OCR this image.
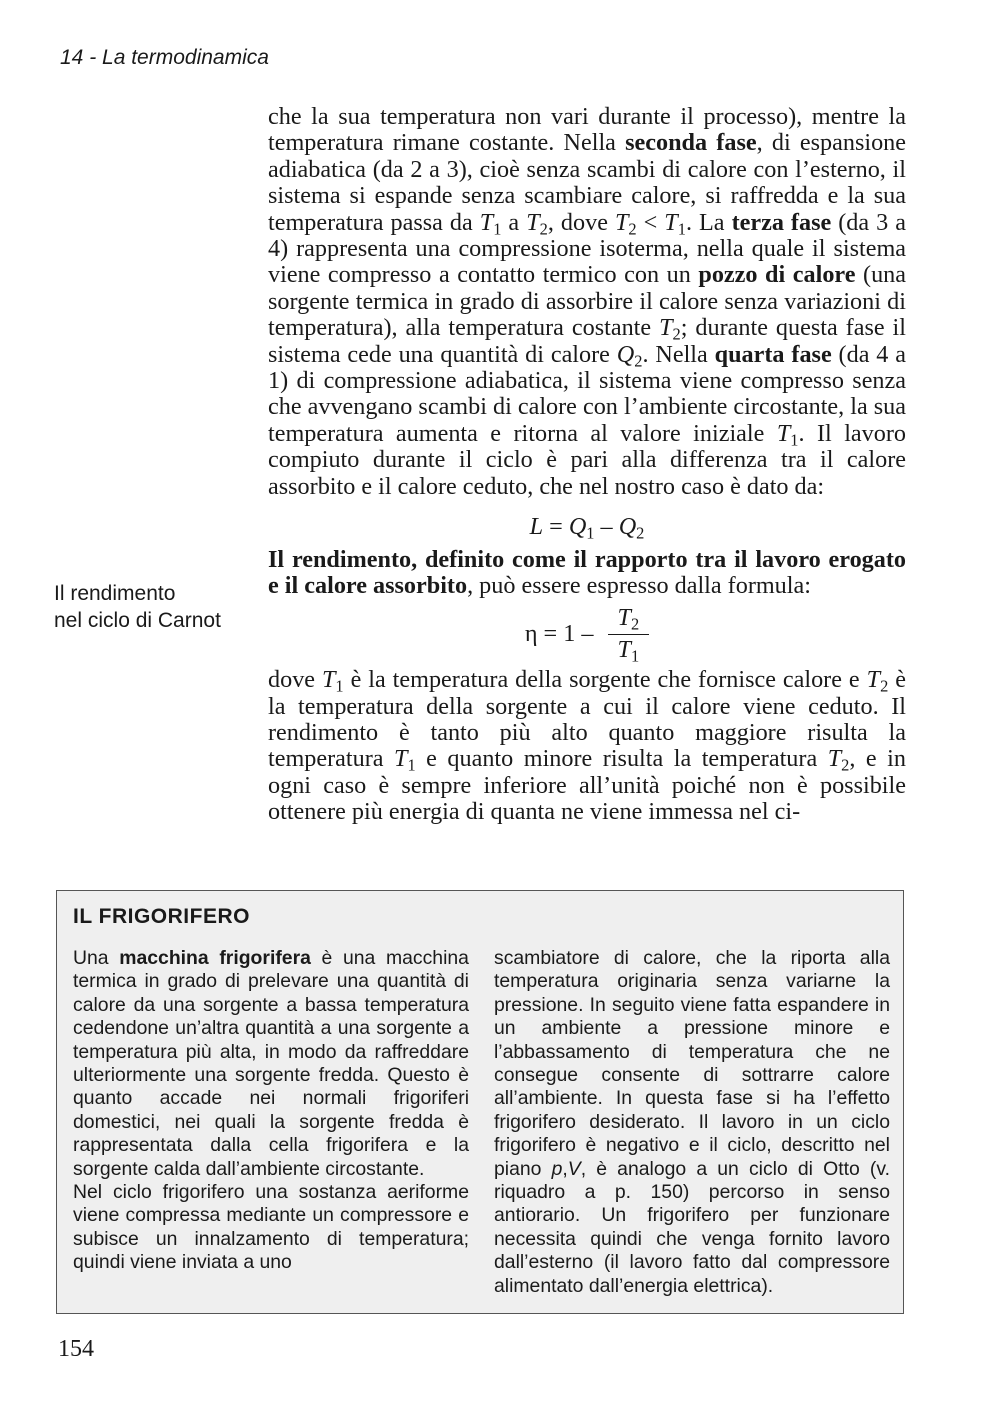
14 - La termodinamica

che la sua temperatura non vari durante il processo), mentre la temperatura rimane costante. Nella seconda fase, di espansione adiabatica (da 2 a 3), cioè senza scambi di calore con l’esterno, il sistema si espande senza scambiare calore, si raffredda e la sua temperatura passa da $T_1$ a $T_2$, dove $T_2 < T_1$. La terza fase (da 3 a 4) rappresenta una compressione isoterma, nella quale il sistema viene compresso a contatto termico con un pozzo di calore (una sorgente termica in grado di assorbire il calore senza variazioni di temperatura), alla temperatura costante $T_2$; durante questa fase il sistema cede una quantità di calore $Q_2$. Nella quarta fase (da 4 a 1) di compressione adiabatica, il sistema viene compresso senza che avvengano scambi di calore con l’ambiente circostante, la sua temperatura aumenta e ritorna al valore iniziale $T_1$. Il lavoro compiuto durante il ciclo è pari alla differenza tra il calore assorbito e il calore ceduto, che nel nostro caso è dato da:

$L = Q_1 - Q_2$

Il rendimento, definito come il rapporto tra il lavoro erogato e il calore assorbito, può essere espresso dalla formula:

$\eta = 1 - \frac{T_2}{T_1}$

dove $T_1$ è la temperatura della sorgente che fornisce calore e $T_2$ è la temperatura della sorgente a cui il calore viene ceduto. Il rendimento è tanto più alto quanto maggiore risulta la temperatura $T_1$ e quanto minore risulta la temperatura $T_2$, e in ogni caso è sempre inferiore all’unità poiché non è possibile ottenere più energia di quanta ne viene immessa nel ci-

Il rendimento
nel ciclo di Carnot
IL FRIGORIFERO

Una macchina frigorifera è una macchina termica in grado di prelevare una quantità di calore da una sorgente a bassa temperatura cedendone un’altra quantità a una sorgente a temperatura più alta, in modo da raffreddare ulteriormente una sorgente fredda. Questo è quanto accade nei normali frigoriferi domestici, nei quali la sorgente fredda è rappresentata dalla cella frigorifera e la sorgente calda dall’ambiente circostante.

Nel ciclo frigorifero una sostanza aeriforme viene compressa mediante un compressore e subisce un innalzamento di temperatura; quindi viene inviata a uno

scambiatore di calore, che la riporta alla temperatura originaria senza variarne la pressione. In seguito viene fatta espandere in un ambiente a pressione minore e l’abbassamento di temperatura che ne consegue consente di sottrarre calore all’ambiente. In questa fase si ha l’effetto frigorifero desiderato. Il lavoro in un ciclo frigorifero è negativo e il ciclo, descritto nel piano p,V, è analogo a un ciclo di Otto (v. riquadro a p. 150) percorso in senso antiorario. Un frigorifero per funzionare necessita quindi che venga fornito lavoro dall’esterno (il lavoro fatto dal compressore alimentato dall’energia elettrica).

154
